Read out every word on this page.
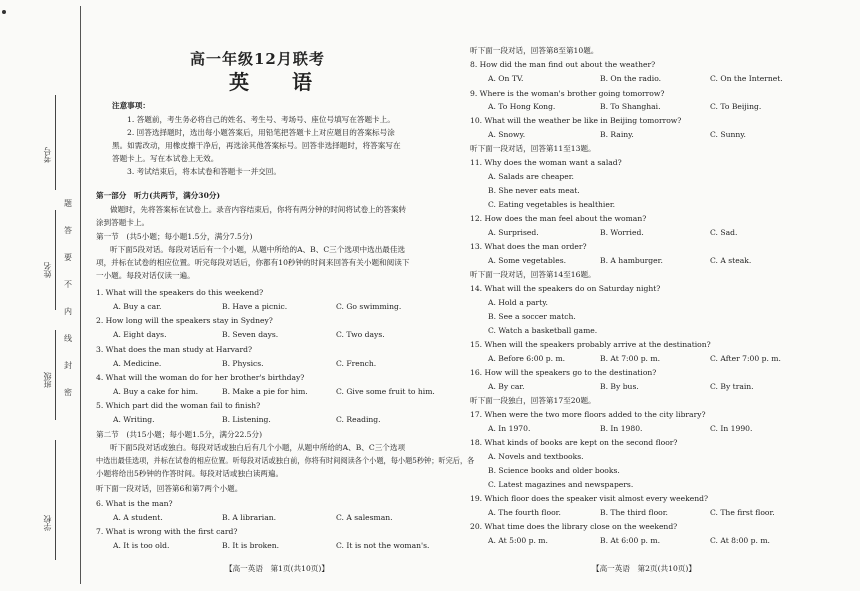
考号
姓名
班级
学校
题
答
要
不
内
线
封
密
高一年级12月联考
英 语
注意事项：
1. 答题前，考生务必将自己的姓名、考生号、考场号、座位号填写在答题卡上。
2. 回答选择题时，选出每小题答案后，用铅笔把答题卡上对应题目的答案标号涂
黑。如需改动，用橡皮擦干净后，再选涂其他答案标号。回答非选择题时，将答案写在
答题卡上。写在本试卷上无效。
3. 考试结束后，将本试卷和答题卡一并交回。
第一部分　听力(共两节，满分30分)
做题时，先将答案标在试卷上。录音内容结束后，你将有两分钟的时间将试卷上的答案转
涂到答题卡上。
第一节　(共5小题；每小题1.5分，满分7.5分)
听下面5段对话。每段对话后有一个小题，从题中所给的A、B、C三个选项中选出最佳选
项，并标在试卷的相应位置。听完每段对话后，你都有10秒钟的时间来回答有关小题和阅读下
一小题。每段对话仅读一遍。
1. What will the speakers do this weekend?
A. Buy a car.	B. Have a picnic.	C. Go swimming.
2. How long will the speakers stay in Sydney?
A. Eight days.	B. Seven days.	C. Two days.
3. What does the man study at Harvard?
A. Medicine.	B. Physics.	C. French.
4. What will the woman do for her brother's birthday?
A. Buy a cake for him.	B. Make a pie for him.	C. Give some fruit to him.
5. Which part did the woman fail to finish?
A. Writing.	B. Listening.	C. Reading.
第二节　(共15小题；每小题1.5分，满分22.5分)
听下面5段对话或独白。每段对话或独白后有几个小题，从题中所给的A、B、C三个选项
中选出最佳选项，并标在试卷的相应位置。听每段对话或独白前，你将有时间阅读各个小题，每小题5秒钟；听完后，各
小题将给出5秒钟的作答时间。每段对话或独白读两遍。
听下面一段对话，回答第6和第7两个小题。
6. What is the man?
A. A student.	B. A librarian.	C. A salesman.
7. What is wrong with the first card?
A. It is too old.	B. It is broken.	C. It is not the woman's.
【高一英语　第1页(共10页)】
听下面一段对话，回答第8至第10题。
8. How did the man find out about the weather?
A. On TV.	B. On the radio.	C. On the Internet.
9. Where is the woman's brother going tomorrow?
A. To Hong Kong.	B. To Shanghai.	C. To Beijing.
10. What will the weather be like in Beijing tomorrow?
A. Snowy.	B. Rainy.	C. Sunny.
听下面一段对话，回答第11至13题。
11. Why does the woman want a salad?
A. Salads are cheaper.
B. She never eats meat.
C. Eating vegetables is healthier.
12. How does the man feel about the woman?
A. Surprised.	B. Worried.	C. Sad.
13. What does the man order?
A. Some vegetables.	B. A hamburger.	C. A steak.
听下面一段对话，回答第14至16题。
14. What will the speakers do on Saturday night?
A. Hold a party.
B. See a soccer match.
C. Watch a basketball game.
15. When will the speakers probably arrive at the destination?
A. Before 6:00 p. m.	B. At 7:00 p. m.	C. After 7:00 p. m.
16. How will the speakers go to the destination?
A. By car.	B. By bus.	C. By train.
听下面一段独白，回答第17至20题。
17. When were the two more floors added to the city library?
A. In 1970.	B. In 1980.	C. In 1990.
18. What kinds of books are kept on the second floor?
A. Novels and textbooks.
B. Science books and older books.
C. Latest magazines and newspapers.
19. Which floor does the speaker visit almost every weekend?
A. The fourth floor.	B. The third floor.	C. The first floor.
20. What time does the library close on the weekend?
A. At 5:00 p. m.	B. At 6:00 p. m.	C. At 8:00 p. m.
【高一英语　第2页(共10页)】
